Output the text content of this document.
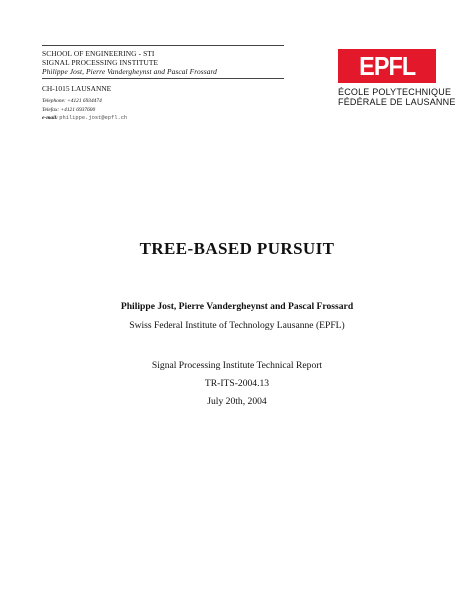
SCHOOL OF ENGINEERING - STI
SIGNAL PROCESSING INSTITUTE
Philippe Jost, Pierre Vandergheynst and Pascal Frossard
CH-1015 LAUSANNE
Telephone: +4121 6934474
Telefax: +4121 6937600
e-mail: philippe.jost@epfl.ch
EPFL
ÉCOLE POLYTECHNIQUE
FÉDÉRALE DE LAUSANNE
TREE-BASED PURSUIT
Philippe Jost, Pierre Vandergheynst and Pascal Frossard
Swiss Federal Institute of Technology Lausanne (EPFL)
Signal Processing Institute Technical Report
TR-ITS-2004.13
July 20th, 2004
